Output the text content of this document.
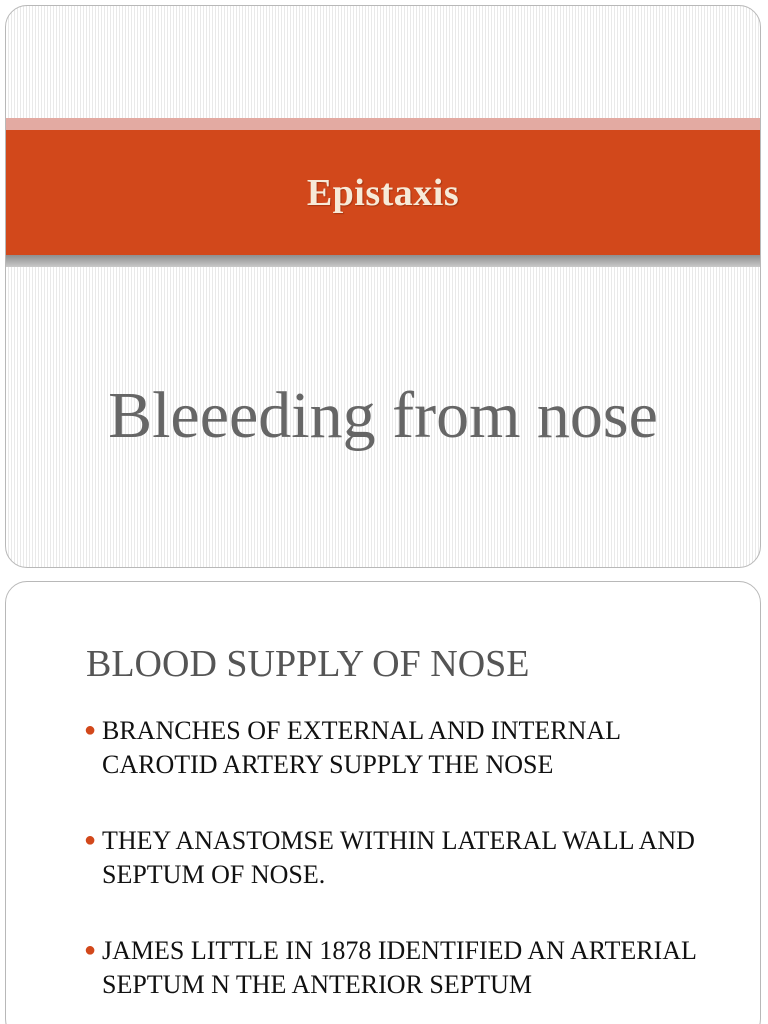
Epistaxis
Bleeeding from nose
BLOOD SUPPLY OF NOSE
● BRANCHES OF EXTERNAL AND INTERNAL CAROTID ARTERY SUPPLY THE NOSE
● THEY ANASTOMSE WITHIN LATERAL WALL AND SEPTUM OF NOSE.
● JAMES LITTLE IN 1878 IDENTIFIED AN ARTERIAL SEPTUM N THE ANTERIOR SEPTUM
